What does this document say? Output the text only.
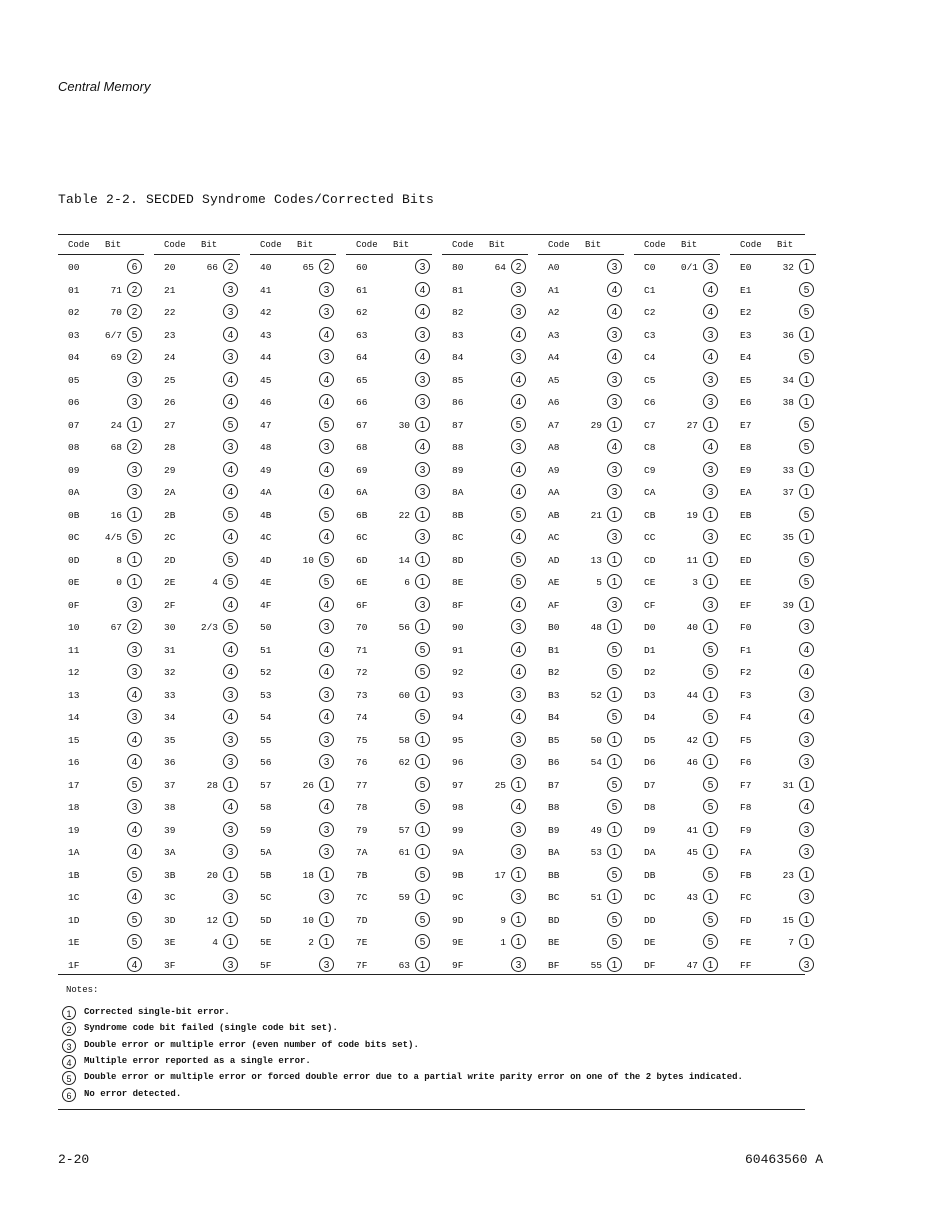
Central Memory
Table 2-2. SECDED Syndrome Codes/Corrected Bits
Code Bit
00	6
01	71 2
02	70 2
03	6/7 5
04	69 2
05	3
06	3
07	24 1
08	68 2
09	3
0A	3
0B	16 1
0C	4/5 5
0D	8 1
0E	0 1
0F	3
10	67 2
11	3
12	3
13	4
14	3
15	4
16	4
17	5
18	3
19	4
1A	4
1B	5
1C	4
1D	5
1E	5
1F	4
Code Bit
20	66 2
21	3
22	3
23	4
24	3
25	4
26	4
27	5
28	3
29	4
2A	4
2B	5
2C	4
2D	5
2E	4 5
2F	4
30	2/3 5
31	4
32	4
33	3
34	4
35	3
36	3
37	28 1
38	4
39	3
3A	3
3B	20 1
3C	3
3D	12 1
3E	4 1
3F	3
Code Bit
40	65 2
41	3
42	3
43	4
44	3
45	4
46	4
47	5
48	3
49	4
4A	4
4B	5
4C	4
4D	10 5
4E	5
4F	4
50	3
51	4
52	4
53	3
54	4
55	3
56	3
57	26 1
58	4
59	3
5A	3
5B	18 1
5C	3
5D	10 1
5E	2 1
5F	3
Code Bit
60	3
61	4
62	4
63	3
64	4
65	3
66	3
67	30 1
68	4
69	3
6A	3
6B	22 1
6C	3
6D	14 1
6E	6 1
6F	3
70	56 1
71	5
72	5
73	60 1
74	5
75	58 1
76	62 1
77	5
78	5
79	57 1
7A	61 1
7B	5
7C	59 1
7D	5
7E	5
7F	63 1
Code Bit
80	64 2
81	3
82	3
83	4
84	3
85	4
86	4
87	5
88	3
89	4
8A	4
8B	5
8C	4
8D	5
8E	5
8F	4
90	3
91	4
92	4
93	3
94	4
95	3
96	3
97	25 1
98	4
99	3
9A	3
9B	17 1
9C	3
9D	9 1
9E	1 1
9F	3
Code Bit
A0	3
A1	4
A2	4
A3	3
A4	4
A5	3
A6	3
A7	29 1
A8	4
A9	3
AA	3
AB	21 1
AC	3
AD	13 1
AE	5 1
AF	3
B0	48 1
B1	5
B2	5
B3	52 1
B4	5
B5	50 1
B6	54 1
B7	5
B8	5
B9	49 1
BA	53 1
BB	5
BC	51 1
BD	5
BE	5
BF	55 1
Code Bit
C0	0/1 3
C1	4
C2	4
C3	3
C4	4
C5	3
C6	3
C7	27 1
C8	4
C9	3
CA	3
CB	19 1
CC	3
CD	11 1
CE	3 1
CF	3
D0	40 1
D1	5
D2	5
D3	44 1
D4	5
D5	42 1
D6	46 1
D7	5
D8	5
D9	41 1
DA	45 1
DB	5
DC	43 1
DD	5
DE	5
DF	47 1
Code Bit
E0	32 1
E1	5
E2	5
E3	36 1
E4	5
E5	34 1
E6	38 1
E7	5
E8	5
E9	33 1
EA	37 1
EB	5
EC	35 1
ED	5
EE	5
EF	39 1
F0	3
F1	4
F2	4
F3	3
F4	4
F5	3
F6	3
F7	31 1
F8	4
F9	3
FA	3
FB	23 1
FC	3
FD	15 1
FE	7 1
FF	3
Notes:
1	Corrected single-bit error.
2	Syndrome code bit failed (single code bit set).
3	Double error or multiple error (even number of code bits set).
4	Multiple error reported as a single error.
5	Double error or multiple error or forced double error due to a partial write parity error on one of the 2 bytes indicated.
6	No error detected.
2-20	60463560 A
